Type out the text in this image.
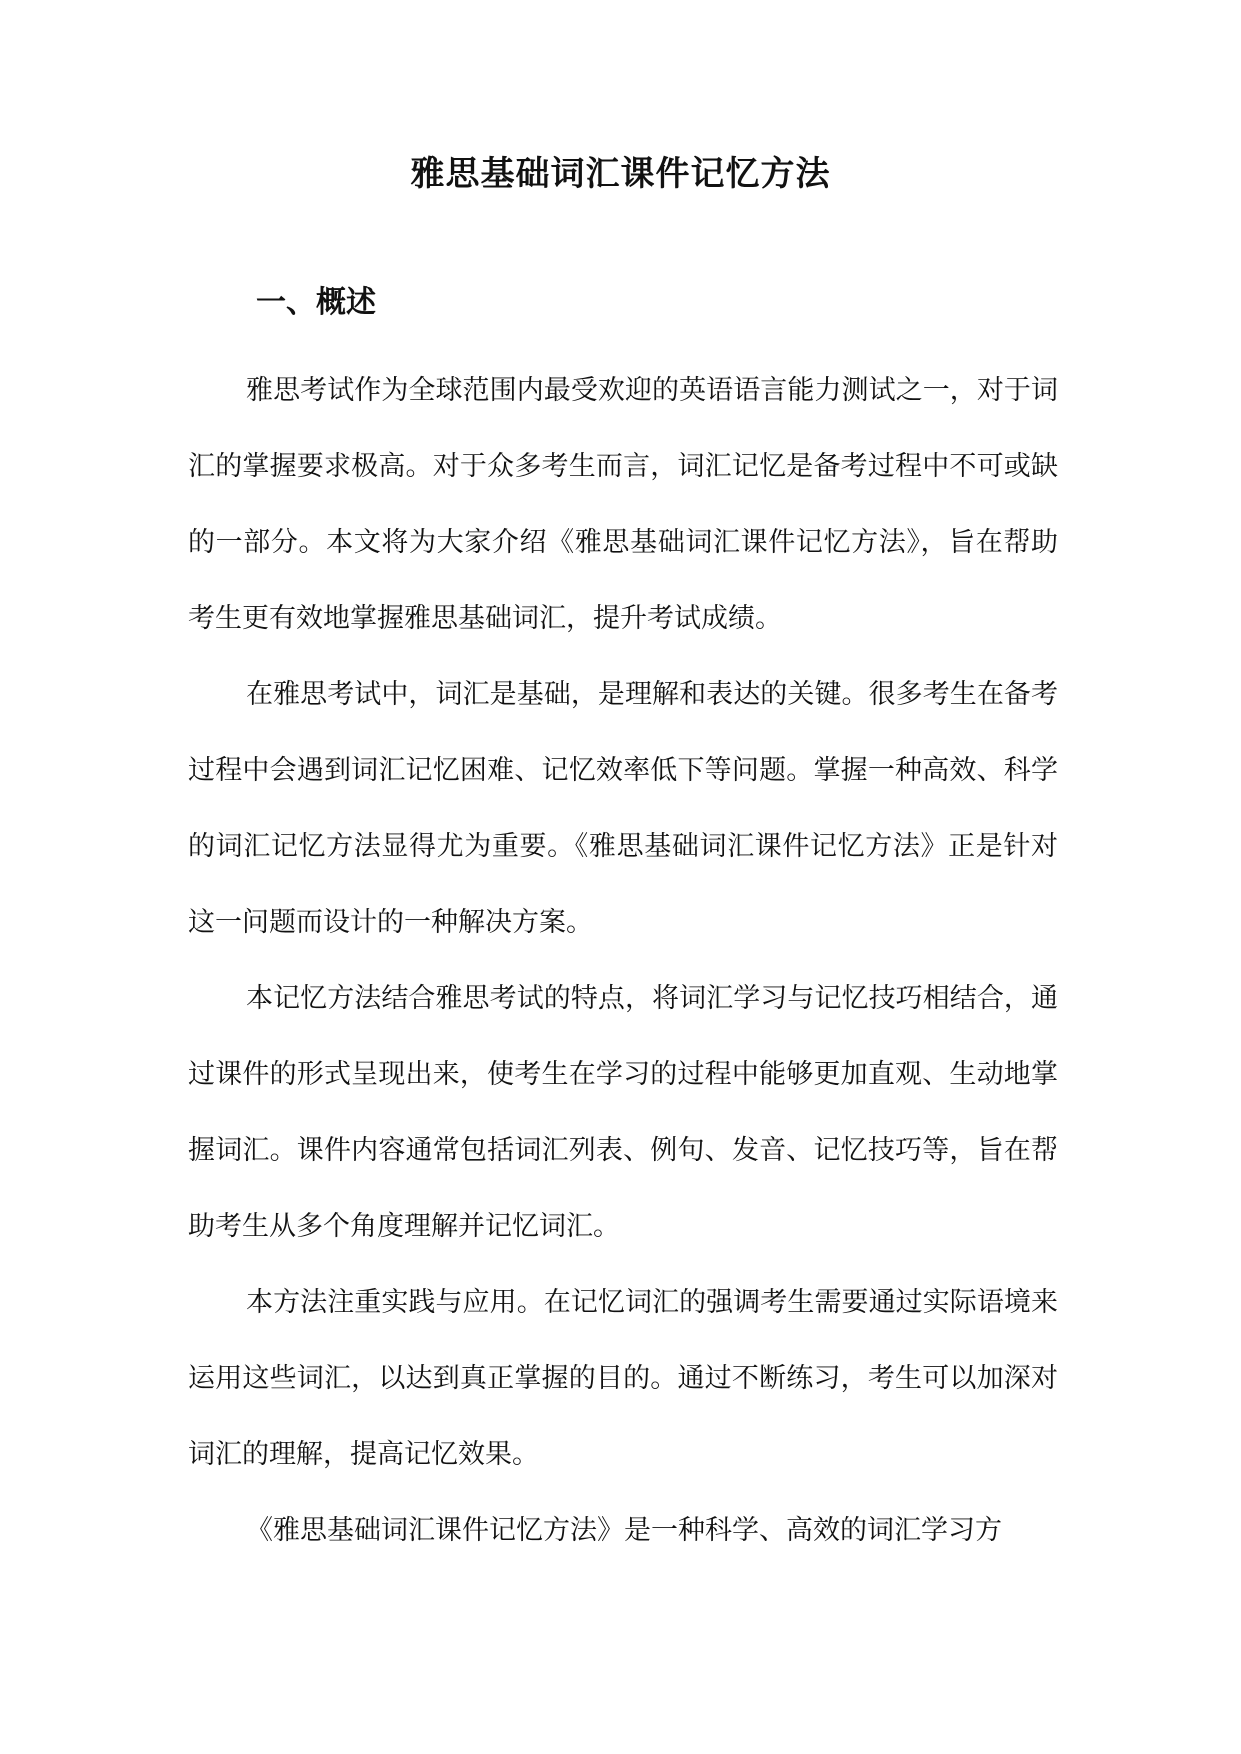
雅思基础词汇课件记忆方法
一、概述

雅思考试作为全球范围内最受欢迎的英语语言能力测试之一，对于词汇的掌握要求极高。对于众多考生而言，词汇记忆是备考过程中不可或缺的一部分。本文将为大家介绍《雅思基础词汇课件记忆方法》，旨在帮助考生更有效地掌握雅思基础词汇，提升考试成绩。

在雅思考试中，词汇是基础，是理解和表达的关键。很多考生在备考过程中会遇到词汇记忆困难、记忆效率低下等问题。掌握一种高效、科学的词汇记忆方法显得尤为重要。《雅思基础词汇课件记忆方法》正是针对这一问题而设计的一种解决方案。

本记忆方法结合雅思考试的特点，将词汇学习与记忆技巧相结合，通过课件的形式呈现出来，使考生在学习的过程中能够更加直观、生动地掌握词汇。课件内容通常包括词汇列表、例句、发音、记忆技巧等，旨在帮助考生从多个角度理解并记忆词汇。

本方法注重实践与应用。在记忆词汇的强调考生需要通过实际语境来运用这些词汇，以达到真正掌握的目的。通过不断练习，考生可以加深对词汇的理解，提高记忆效果。

《雅思基础词汇课件记忆方法》是一种科学、高效的词汇学习方
